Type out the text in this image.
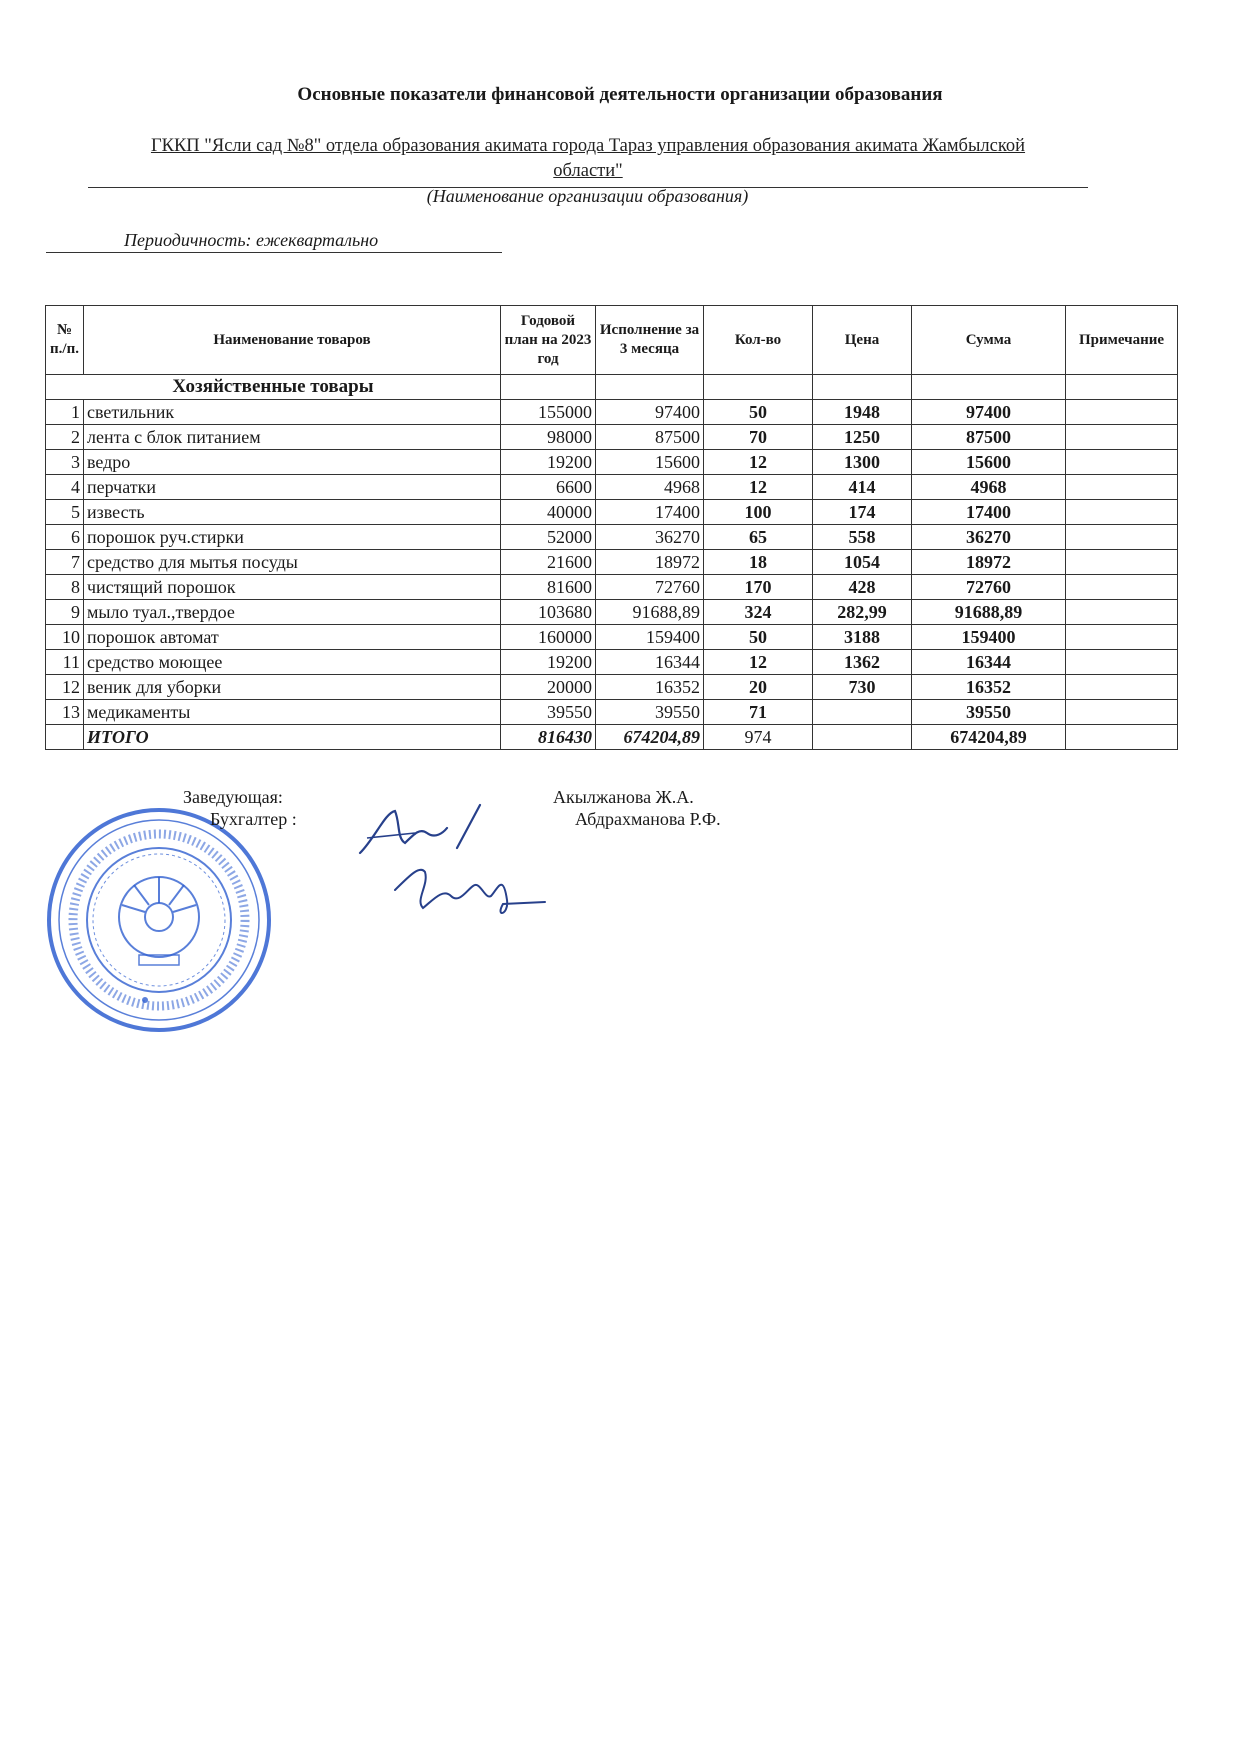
Основные показатели финансовой деятельности организации образования
ГККП "Ясли сад №8" отдела образования акимата города Тараз управления образования акимата Жамбылской
области"
(Наименование организации образования)
Периодичность: ежеквартально
№ п./п.	Наименование товаров	Годовой план на 2023 год	Исполнение за 3 месяца	Кол-во	Цена	Сумма	Примечание
Хозяйственные товары							
1	светильник	155000	97400	50	1948	97400	
2	лента с блок питанием	98000	87500	70	1250	87500	
3	ведро	19200	15600	12	1300	15600	
4	перчатки	6600	4968	12	414	4968	
5	известь	40000	17400	100	174	17400	
6	порошок руч.стирки	52000	36270	65	558	36270	
7	средство для мытья посуды	21600	18972	18	1054	18972	
8	чистящий порошок	81600	72760	170	428	72760	
9	мыло туал.,твердое	103680	91688,89	324	282,99	91688,89	
10	порошок автомат	160000	159400	50	3188	159400	
11	средство моющее	19200	16344	12	1362	16344	
12	веник для уборки	20000	16352	20	730	16352	
13	медикаменты	39550	39550	71		39550	
	ИТОГО	816430	674204,89	974		674204,89	
Заведующая:	Акылжанова Ж.А.
Бухгалтер :	Абдрахманова Р.Ф.
